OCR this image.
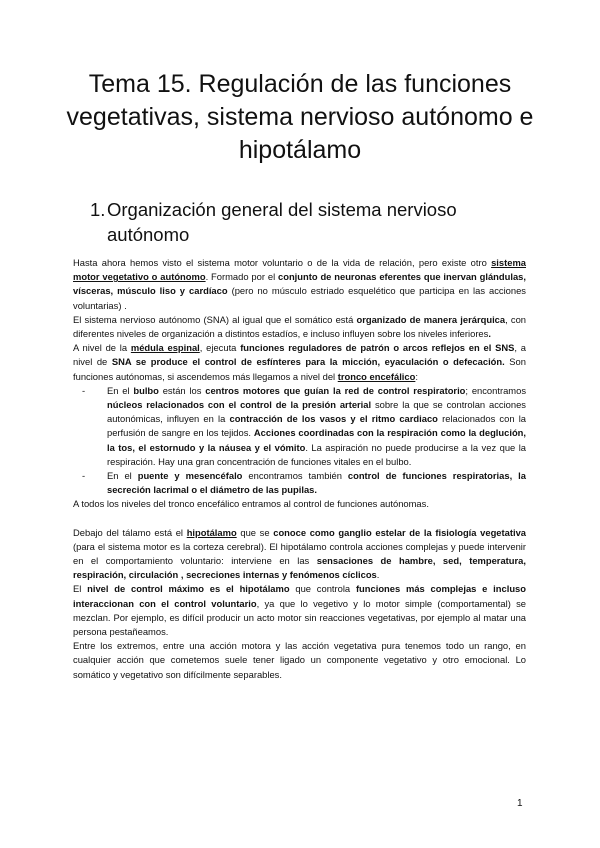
Tema 15. Regulación de las funciones vegetativas, sistema nervioso autónomo e hipotálamo
1. Organización general del sistema nervioso autónomo

Hasta ahora hemos visto el sistema motor voluntario o de la vida de relación, pero existe otro sistema motor vegetativo o autónomo. Formado por el conjunto de neuronas eferentes que inervan glándulas, vísceras, músculo liso y cardíaco (pero no músculo estriado esquelético que participa en las acciones voluntarias) .

El sistema nervioso autónomo (SNA) al igual que el somático está organizado de manera jerárquica, con diferentes niveles de organización a distintos estadíos, e incluso influyen sobre los niveles inferiores.

A nivel de la médula espinal, ejecuta funciones reguladores de patrón o arcos reflejos en el SNS, a nivel de SNA se produce el control de esfínteres para la micción, eyaculación o defecación. Son funciones autónomas, si ascendemos más llegamos a nivel del tronco encefálico:

- En el bulbo están los centros motores que guían la red de control respiratorio; encontramos núcleos relacionados con el control de la presión arterial sobre la que se controlan acciones autonómicas, influyen en la contracción de los vasos y el ritmo cardiaco relacionados con la perfusión de sangre en los tejidos. Acciones coordinadas con la respiración como la deglución, la tos, el estornudo y la náusea y el vómito. La aspiración no puede producirse a la vez que la respiración. Hay una gran concentración de funciones vitales en el bulbo.
- En el puente y mesencéfalo encontramos también control de funciones respiratorias, la secreción lacrimal o el diámetro de las pupilas.

A todos los niveles del tronco encefálico entramos al control de funciones autónomas.

Debajo del tálamo está el hipotálamo que se conoce como ganglio estelar de la fisiología vegetativa (para el sistema motor es la corteza cerebral). El hipotálamo controla acciones complejas y puede intervenir en el comportamiento voluntario: interviene en las sensaciones de hambre, sed, temperatura, respiración, circulación , secreciones internas y fenómenos cíclicos.

El nivel de control máximo es el hipotálamo que controla funciones más complejas e incluso interaccionan con el control voluntario, ya que lo vegetivo y lo motor simple (comportamental) se mezclan. Por ejemplo, es difícil producir un acto motor sin reacciones vegetativas, por ejemplo al matar una persona pestañeamos.

Entre los extremos, entre una acción motora y las acción vegetativa pura tenemos todo un rango, en cualquier acción que cometemos suele tener ligado un componente vegetativo y otro emocional. Lo somático y vegetativo son difícilmente separables.

1
